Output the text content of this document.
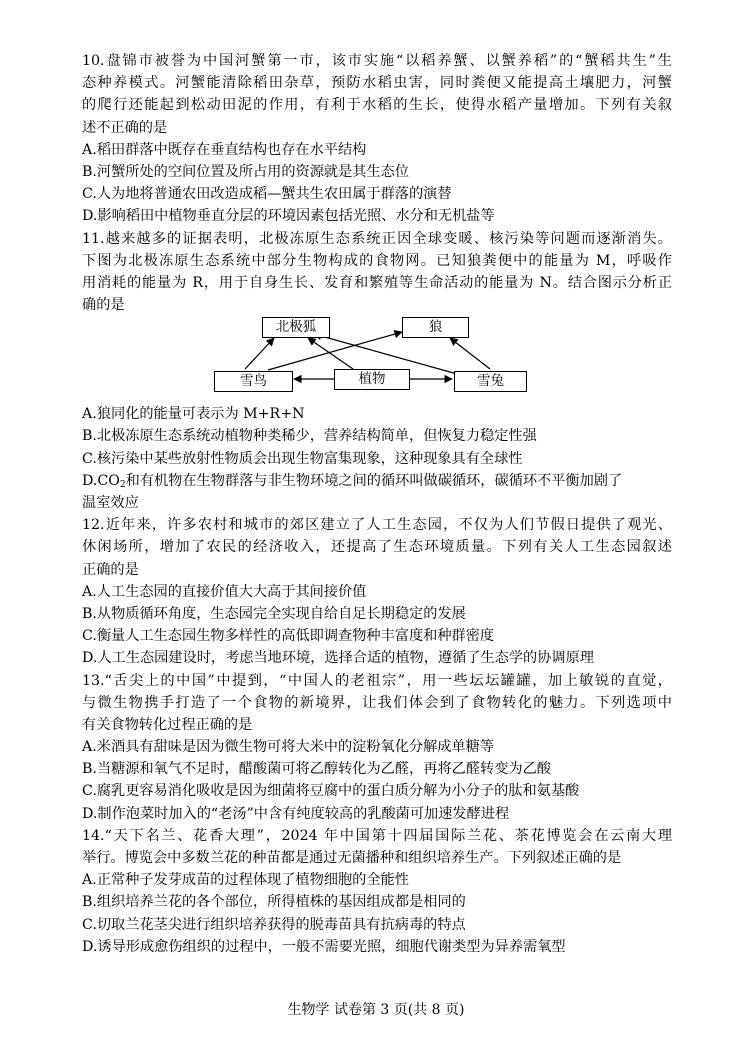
10.盘锦市被誉为中国河蟹第一市，该市实施“以稻养蟹、以蟹养稻”的“蟹稻共生”生
态种养模式。河蟹能清除稻田杂草，预防水稻虫害，同时粪便又能提高土壤肥力，河蟹
的爬行还能起到松动田泥的作用，有利于水稻的生长，使得水稻产量增加。下列有关叙
述不正确的是
A.稻田群落中既存在垂直结构也存在水平结构
B.河蟹所处的空间位置及所占用的资源就是其生态位
C.人为地将普通农田改造成稻—蟹共生农田属于群落的演替
D.影响稻田中植物垂直分层的环境因素包括光照、水分和无机盐等
11.越来越多的证据表明，北极冻原生态系统正因全球变暖、核污染等问题而逐渐消失。
下图为北极冻原生态系统中部分生物构成的食物网。已知狼粪便中的能量为 M，呼吸作
用消耗的能量为 R，用于自身生长、发育和繁殖等生命活动的能量为 N。结合图示分析正
确的是
北极狐	狼
雪鸟	植物	雪兔
A.狼同化的能量可表示为 M+R+N
B.北极冻原生态系统动植物种类稀少，营养结构简单，但恢复力稳定性强
C.核污染中某些放射性物质会出现生物富集现象，这种现象具有全球性
$D.CO_2$和有机物在生物群落与非生物环境之间的循环叫做碳循环，碳循环不平衡加剧了
温室效应
12.近年来，许多农村和城市的郊区建立了人工生态园，不仅为人们节假日提供了观光、
休闲场所，增加了农民的经济收入，还提高了生态环境质量。下列有关人工生态园叙述
正确的是
A.人工生态园的直接价值大大高于其间接价值
B.从物质循环角度，生态园完全实现自给自足长期稳定的发展
C.衡量人工生态园生物多样性的高低即调查物种丰富度和种群密度
D.人工生态园建设时，考虑当地环境，选择合适的植物，遵循了生态学的协调原理
13.“舌尖上的中国”中提到，“中国人的老祖宗”，用一些坛坛罐罐，加上敏锐的直觉，
与微生物携手打造了一个食物的新境界，让我们体会到了食物转化的魅力。下列选项中
有关食物转化过程正确的是
A.米酒具有甜味是因为微生物可将大米中的淀粉氧化分解成单糖等
B.当糖源和氧气不足时，醋酸菌可将乙醇转化为乙醛，再将乙醛转变为乙酸
C.腐乳更容易消化吸收是因为细菌将豆腐中的蛋白质分解为小分子的肽和氨基酸
D.制作泡菜时加入的“老汤”中含有纯度较高的乳酸菌可加速发酵进程
14.“天下名兰、花香大理”，2024 年中国第十四届国际兰花、茶花博览会在云南大理
举行。博览会中多数兰花的种苗都是通过无菌播种和组织培养生产。下列叙述正确的是
A.正常种子发芽成苗的过程体现了植物细胞的全能性
B.组织培养兰花的各个部位，所得植株的基因组成都是相同的
C.切取兰花茎尖进行组织培养获得的脱毒苗具有抗病毒的特点
D.诱导形成愈伤组织的过程中，一般不需要光照，细胞代谢类型为异养需氧型
生物学 试卷第 3 页(共 8 页)
